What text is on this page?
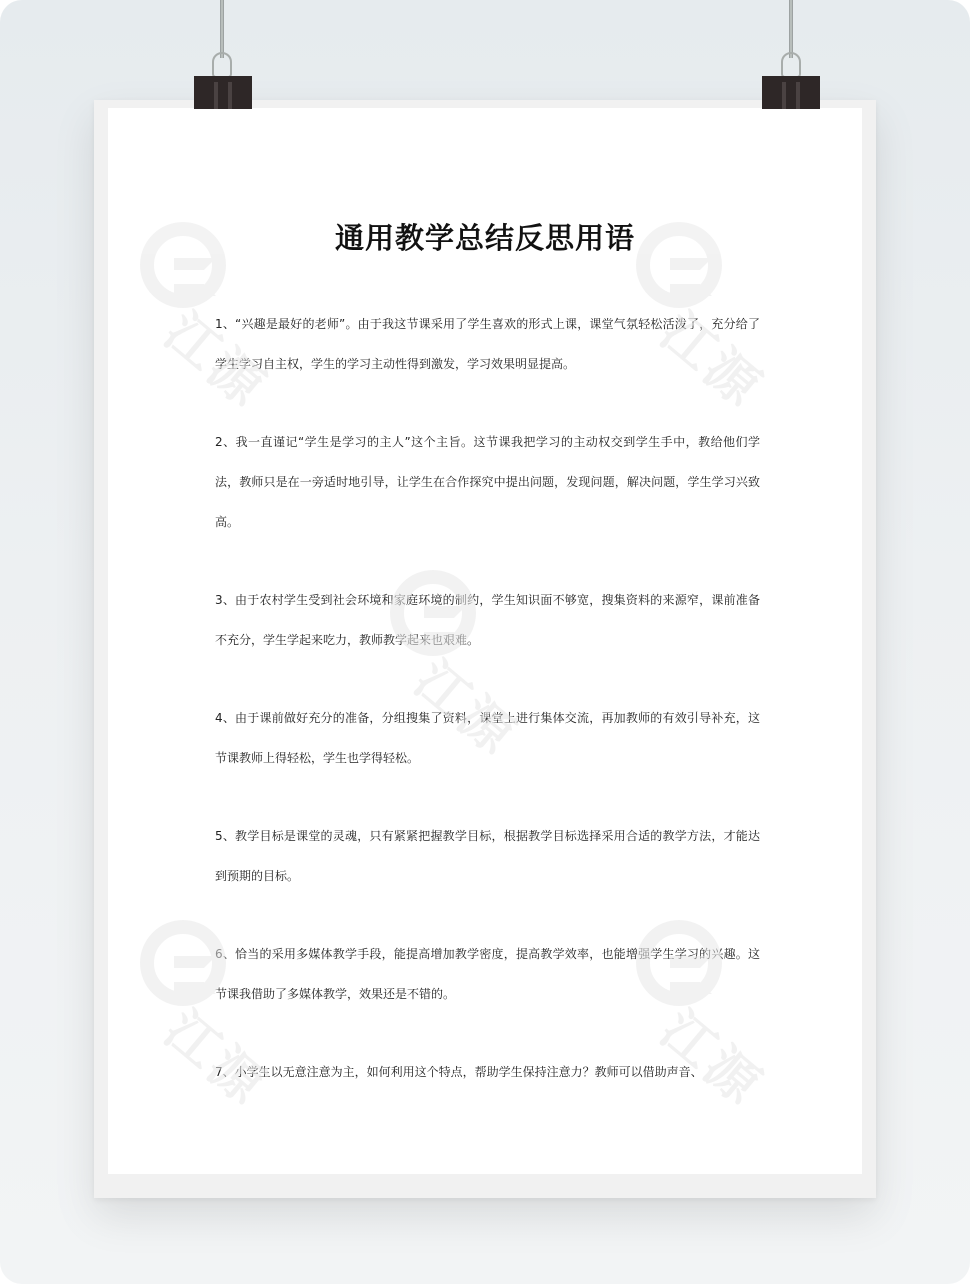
通用教学总结反思用语

1、“兴趣是最好的老师”。由于我这节课采用了学生喜欢的形式上课，课堂气氛轻松活泼了，充分给了学生学习自主权，学生的学习主动性得到激发，学习效果明显提高。

2、我一直谨记“学生是学习的主人”这个主旨。这节课我把学习的主动权交到学生手中，教给他们学法，教师只是在一旁适时地引导，让学生在合作探究中提出问题，发现问题，解决问题，学生学习兴致高。

3、由于农村学生受到社会环境和家庭环境的制约，学生知识面不够宽，搜集资料的来源窄，课前准备不充分，学生学起来吃力，教师教学起来也艰难。

4、由于课前做好充分的准备，分组搜集了资料，课堂上进行集体交流，再加教师的有效引导补充，这节课教师上得轻松，学生也学得轻松。

5、教学目标是课堂的灵魂，只有紧紧把握教学目标，根据教学目标选择采用合适的教学方法，才能达到预期的目标。

6、恰当的采用多媒体教学手段，能提高增加教学密度，提高教学效率，也能增强学生学习的兴趣。这节课我借助了多媒体教学，效果还是不错的。

7、小学生以无意注意为主，如何利用这个特点，帮助学生保持注意力？教师可以借助声音、

江源	江源
江源
江源	江源
